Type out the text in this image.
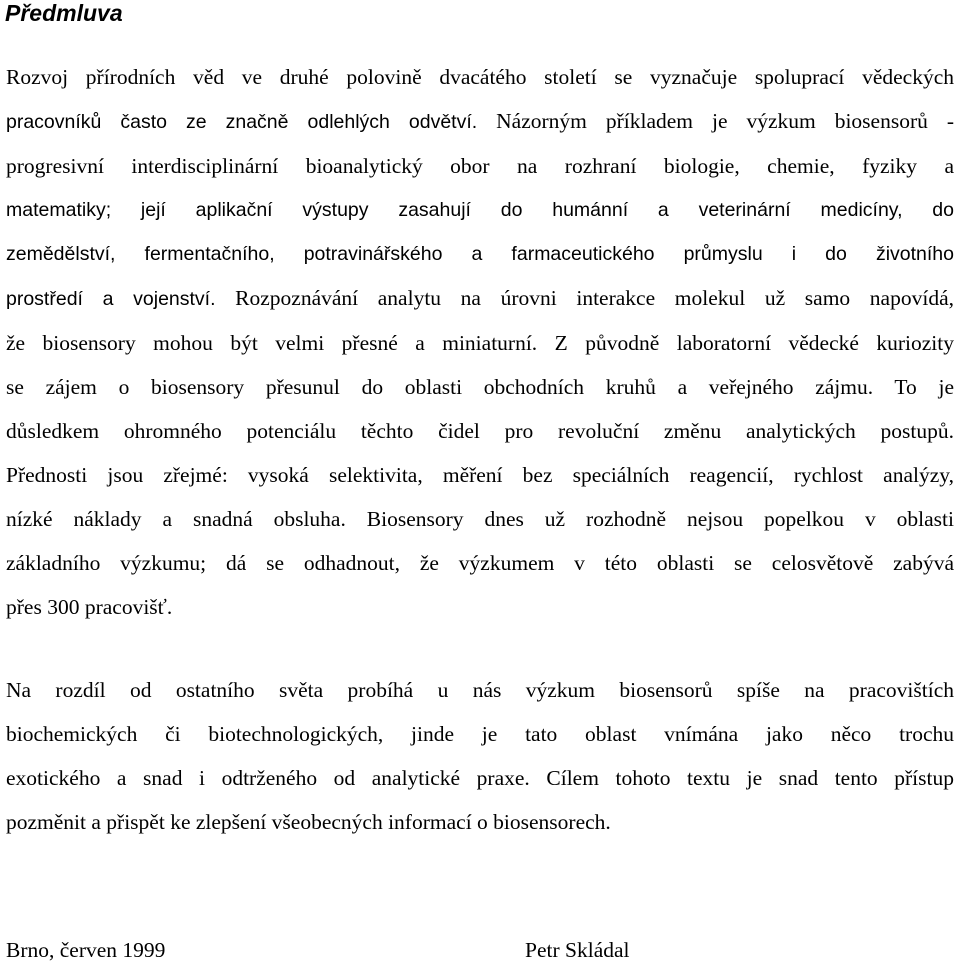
Předmluva
Rozvoj přírodních věd ve druhé polovině dvacátého století se vyznačuje spoluprací vědeckých
pracovníků často ze značně odlehlých odvětví. Názorným příkladem je výzkum biosensorů -
progresivní interdisciplinární bioanalytický obor na rozhraní biologie, chemie, fyziky a
matematiky; její aplikační výstupy zasahují do humánní a veterinární medicíny, do
zemědělství, fermentačního, potravinářského a farmaceutického průmyslu i do životního
prostředí a vojenství. Rozpoznávání analytu na úrovni interakce molekul už samo napovídá,
že biosensory mohou být velmi přesné a miniaturní. Z původně laboratorní vědecké kuriozity
se zájem o biosensory přesunul do oblasti obchodních kruhů a veřejného zájmu. To je
důsledkem ohromného potenciálu těchto čidel pro revoluční změnu analytických postupů.
Přednosti jsou zřejmé: vysoká selektivita, měření bez speciálních reagencií, rychlost analýzy,
nízké náklady a snadná obsluha. Biosensory dnes už rozhodně nejsou popelkou v oblasti
základního výzkumu; dá se odhadnout, že výzkumem v této oblasti se celosvětově zabývá
přes 300 pracovišť.
Na rozdíl od ostatního světa probíhá u nás výzkum biosensorů spíše na pracovištích
biochemických či biotechnologických, jinde je tato oblast vnímána jako něco trochu
exotického a snad i odtrženého od analytické praxe. Cílem tohoto textu je snad tento přístup
pozměnit a přispět ke zlepšení všeobecných informací o biosensorech.

Brno, červen 1999	Petr Skládal
